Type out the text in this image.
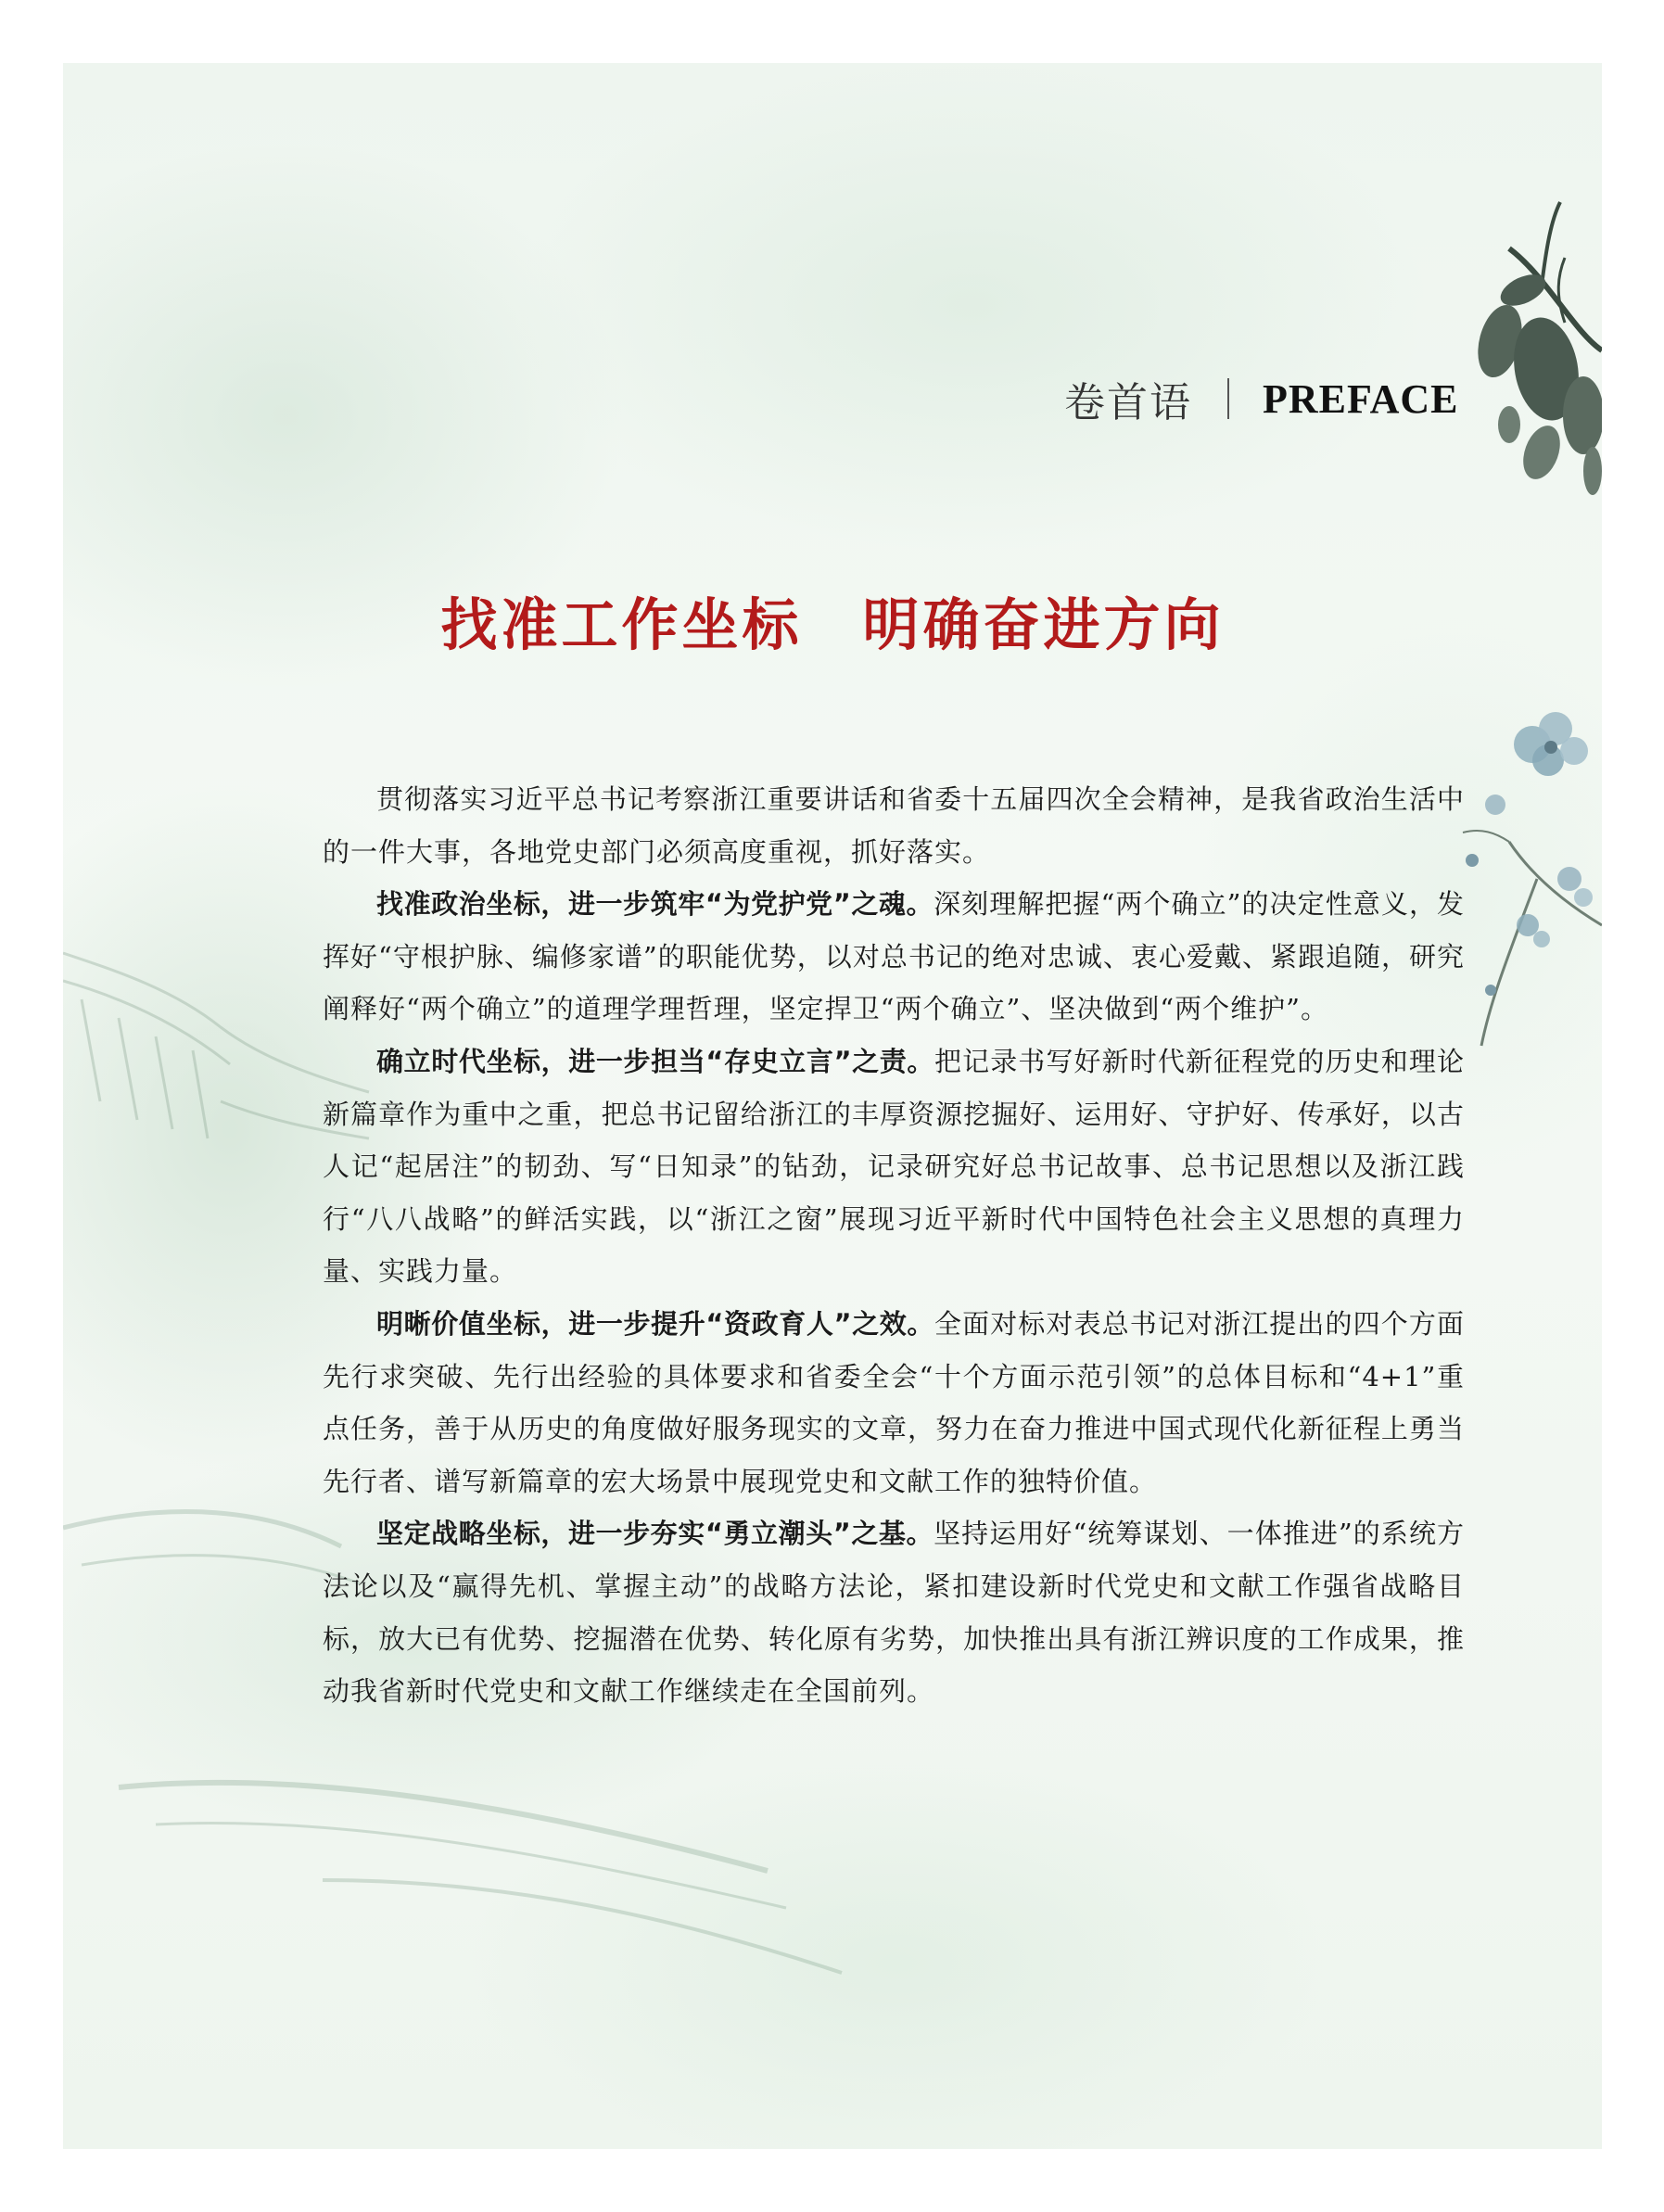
卷首语 PREFACE
找准工作坐标　明确奋进方向

贯彻落实习近平总书记考察浙江重要讲话和省委十五届四次全会精神，是我省政治生活中的一件大事，各地党史部门必须高度重视，抓好落实。

找准政治坐标，进一步筑牢“为党护党”之魂。深刻理解把握“两个确立”的决定性意义，发挥好“守根护脉、编修家谱”的职能优势，以对总书记的绝对忠诚、衷心爱戴、紧跟追随，研究阐释好“两个确立”的道理学理哲理，坚定捍卫“两个确立”、坚决做到“两个维护”。

确立时代坐标，进一步担当“存史立言”之责。把记录书写好新时代新征程党的历史和理论新篇章作为重中之重，把总书记留给浙江的丰厚资源挖掘好、运用好、守护好、传承好，以古人记“起居注”的韧劲、写“日知录”的钻劲，记录研究好总书记故事、总书记思想以及浙江践行“八八战略”的鲜活实践，以“浙江之窗”展现习近平新时代中国特色社会主义思想的真理力量、实践力量。

明晰价值坐标，进一步提升“资政育人”之效。全面对标对表总书记对浙江提出的四个方面先行求突破、先行出经验的具体要求和省委全会“十个方面示范引领”的总体目标和“4+1”重点任务，善于从历史的角度做好服务现实的文章，努力在奋力推进中国式现代化新征程上勇当先行者、谱写新篇章的宏大场景中展现党史和文献工作的独特价值。

坚定战略坐标，进一步夯实“勇立潮头”之基。坚持运用好“统筹谋划、一体推进”的系统方法论以及“赢得先机、掌握主动”的战略方法论，紧扣建设新时代党史和文献工作强省战略目标，放大已有优势、挖掘潜在优势、转化原有劣势，加快推出具有浙江辨识度的工作成果，推动我省新时代党史和文献工作继续走在全国前列。
